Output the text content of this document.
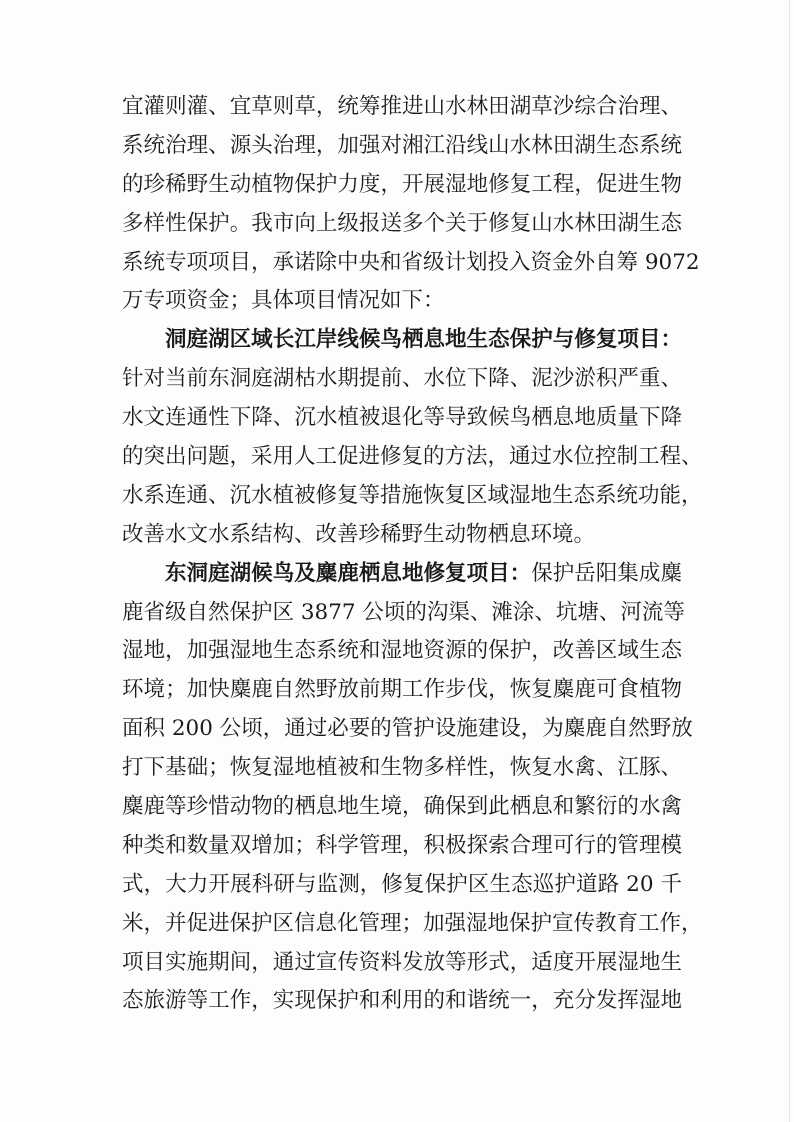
宜灌则灌、宜草则草，统筹推进山水林田湖草沙综合治理、
系统治理、源头治理，加强对湘江沿线山水林田湖生态系统
的珍稀野生动植物保护力度，开展湿地修复工程，促进生物
多样性保护。我市向上级报送多个关于修复山水林田湖生态
系统专项项目，承诺除中央和省级计划投入资金外自筹 9072
万专项资金；具体项目情况如下：
洞庭湖区域长江岸线候鸟栖息地生态保护与修复项目：
针对当前东洞庭湖枯水期提前、水位下降、泥沙淤积严重、
水文连通性下降、沉水植被退化等导致候鸟栖息地质量下降
的突出问题，采用人工促进修复的方法，通过水位控制工程、
水系连通、沉水植被修复等措施恢复区域湿地生态系统功能，
改善水文水系结构、改善珍稀野生动物栖息环境。
东洞庭湖候鸟及麋鹿栖息地修复项目：保护岳阳集成麋
鹿省级自然保护区 3877 公顷的沟渠、滩涂、坑塘、河流等
湿地，加强湿地生态系统和湿地资源的保护，改善区域生态
环境；加快麋鹿自然野放前期工作步伐，恢复麋鹿可食植物
面积 200 公顷，通过必要的管护设施建设，为麋鹿自然野放
打下基础；恢复湿地植被和生物多样性，恢复水禽、江豚、
麋鹿等珍惜动物的栖息地生境，确保到此栖息和繁衍的水禽
种类和数量双增加；科学管理，积极探索合理可行的管理模
式，大力开展科研与监测，修复保护区生态巡护道路 20 千
米，并促进保护区信息化管理；加强湿地保护宣传教育工作，
项目实施期间，通过宣传资料发放等形式，适度开展湿地生
态旅游等工作，实现保护和利用的和谐统一，充分发挥湿地
